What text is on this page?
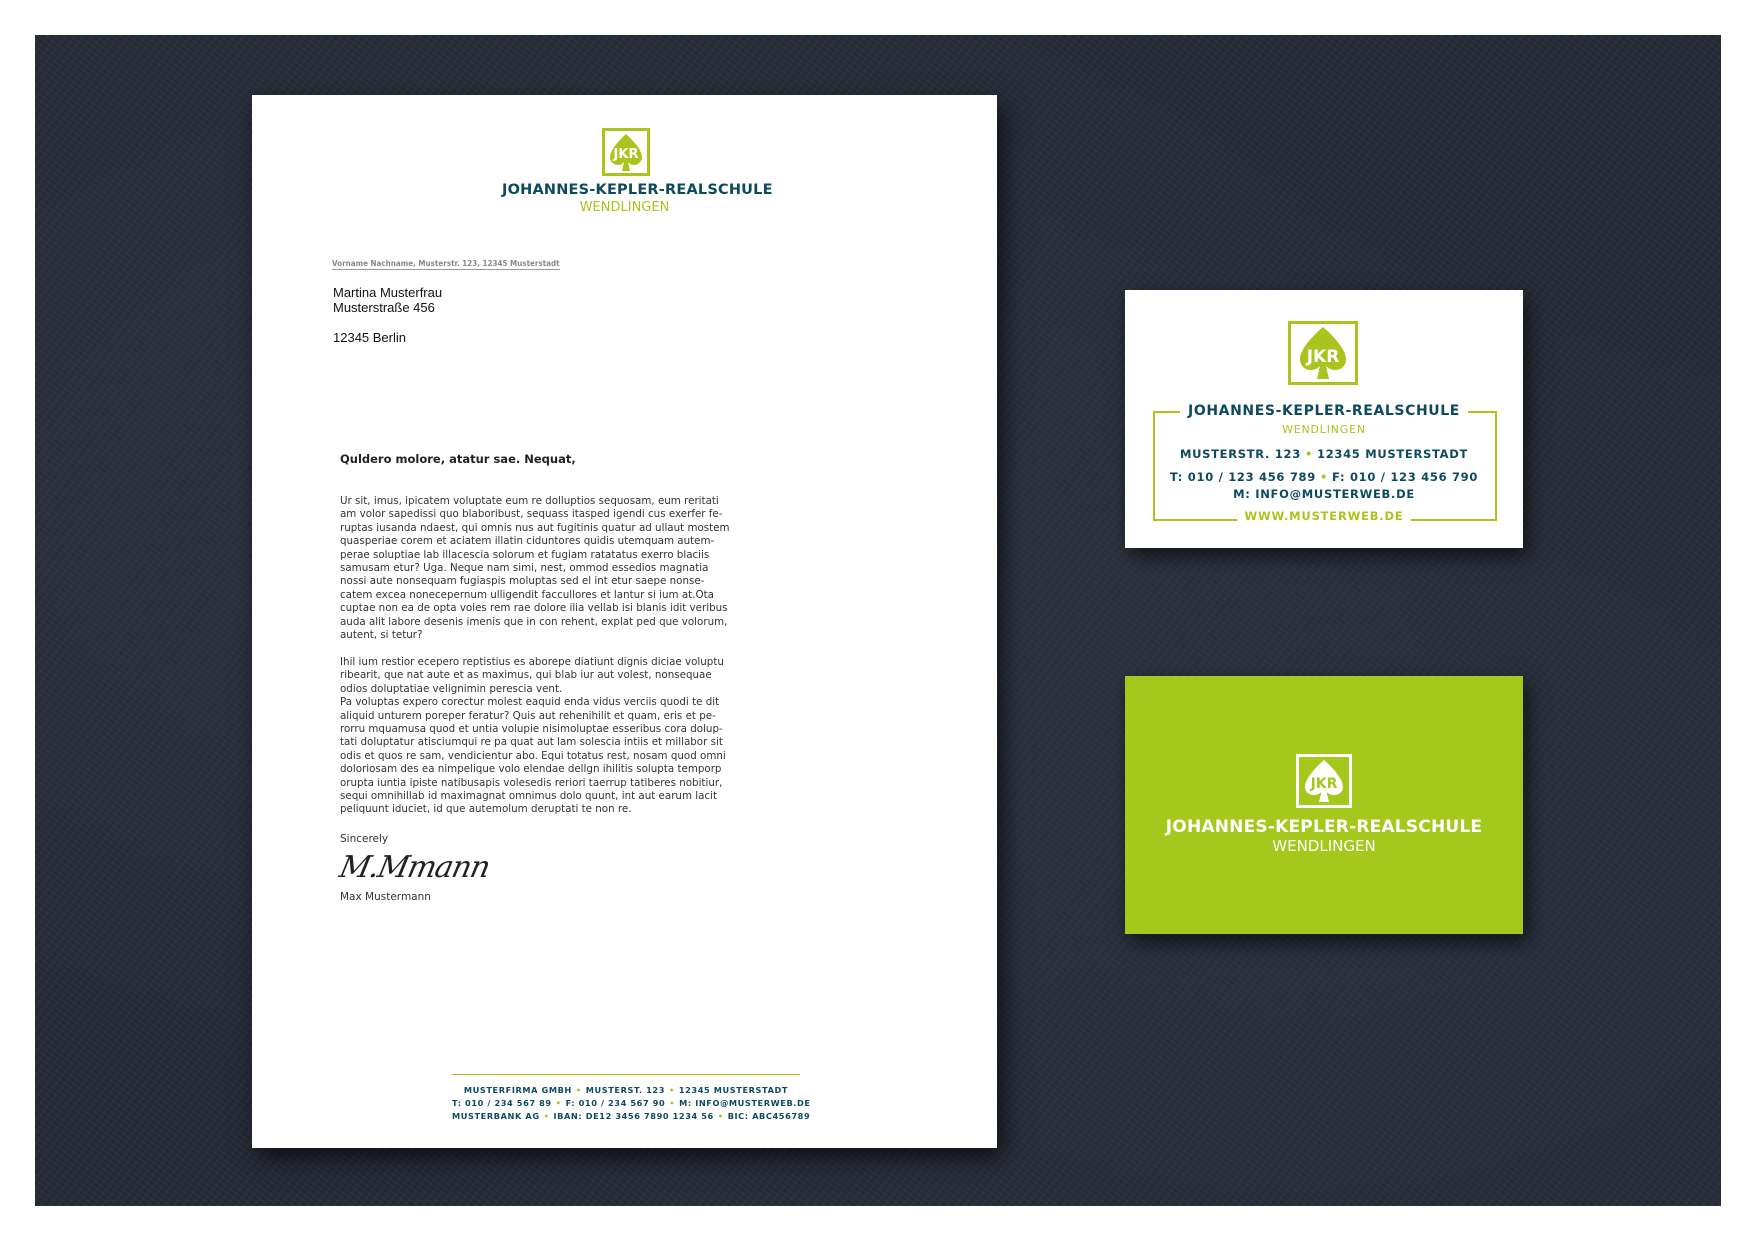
JKR
JOHANNES-KEPLER-REALSCHULE
WENDLINGEN
Vorname Nachname, Musterstr. 123, 12345 Musterstadt
Martina Musterfrau
Musterstraße 456
12345 Berlin
Quldero molore, atatur sae. Nequat,
Ur sit, imus, ipicatem voluptate eum re dolluptios sequosam, eum reritati
am volor sapedissi quo blaboribust, sequass itasped igendi cus exerfer fe-
ruptas iusanda ndaest, qui omnis nus aut fugitinis quatur ad ullaut mostem
quasperiae corem et aciatem illatin ciduntores quidis utemquam autem-
perae soluptiae lab illacescia solorum et fugiam ratatatus exerro blaciis
samusam etur? Uga. Neque nam simi, nest, ommod essedios magnatia
nossi aute nonsequam fugiaspis moluptas sed el int etur saepe nonse-
catem excea nonecepernum ulligendit faccullores et lantur si ium at.Ota
cuptae non ea de opta voles rem rae dolore ilia vellab isi blanis idit veribus
auda alit labore desenis imenis que in con rehent, explat ped que volorum,
autent, si tetur?
Ihil ium restior ecepero reptistius es aborepe diatiunt dignis diciae voluptu
ribearit, que nat aute et as maximus, qui blab iur aut volest, nonsequae
odios doluptatiae velignimin peresciа vent.
Pa voluptas expero corectur molest eaquid enda vidus verciis quodi te dit
aliquid unturem poreper feratur? Quis aut rehenihilit et quam, eris et pe-
rorru mquamusa quod et untia volupie nisimoluptae esseribus cora dolup-
tati doluptatur atisciumqui re pa quat aut lam solescia intiis et millabor sit
odis et quos re sam, vendicientur abo. Equi totatus rest, nosam quod omni
doloriosam des ea nimpelique volo elendae dellgn ihilitis solupta temporp
orupta iuntia ipiste natibusapis volesedis reriori taerrup tatiberes nobitiur,
sequi omnihillab id maximagnat omnimus dolo quunt, int aut earum lacit
peliquunt iduciet, id que autemolum deruptati te non re.
Sincerely
M.Mmann
Max Mustermann
MUSTERFIRMA GMBH • MUSTERST. 123 • 12345 MUSTERSTADT
T: 010 / 234 567 89 • F: 010 / 234 567 90 • M: INFO@MUSTERWEB.DE
MUSTERBANK AG • IBAN: DE12 3456 7890 1234 56 • BIC: ABC456789
JKR
JOHANNES-KEPLER-REALSCHULE
WENDLINGEN
MUSTERSTR. 123 • 12345 MUSTERSTADT
T: 010 / 123 456 789 • F: 010 / 123 456 790
M: INFO@MUSTERWEB.DE
WWW.MUSTERWEB.DE
JKR
JOHANNES-KEPLER-REALSCHULE
WENDLINGEN
